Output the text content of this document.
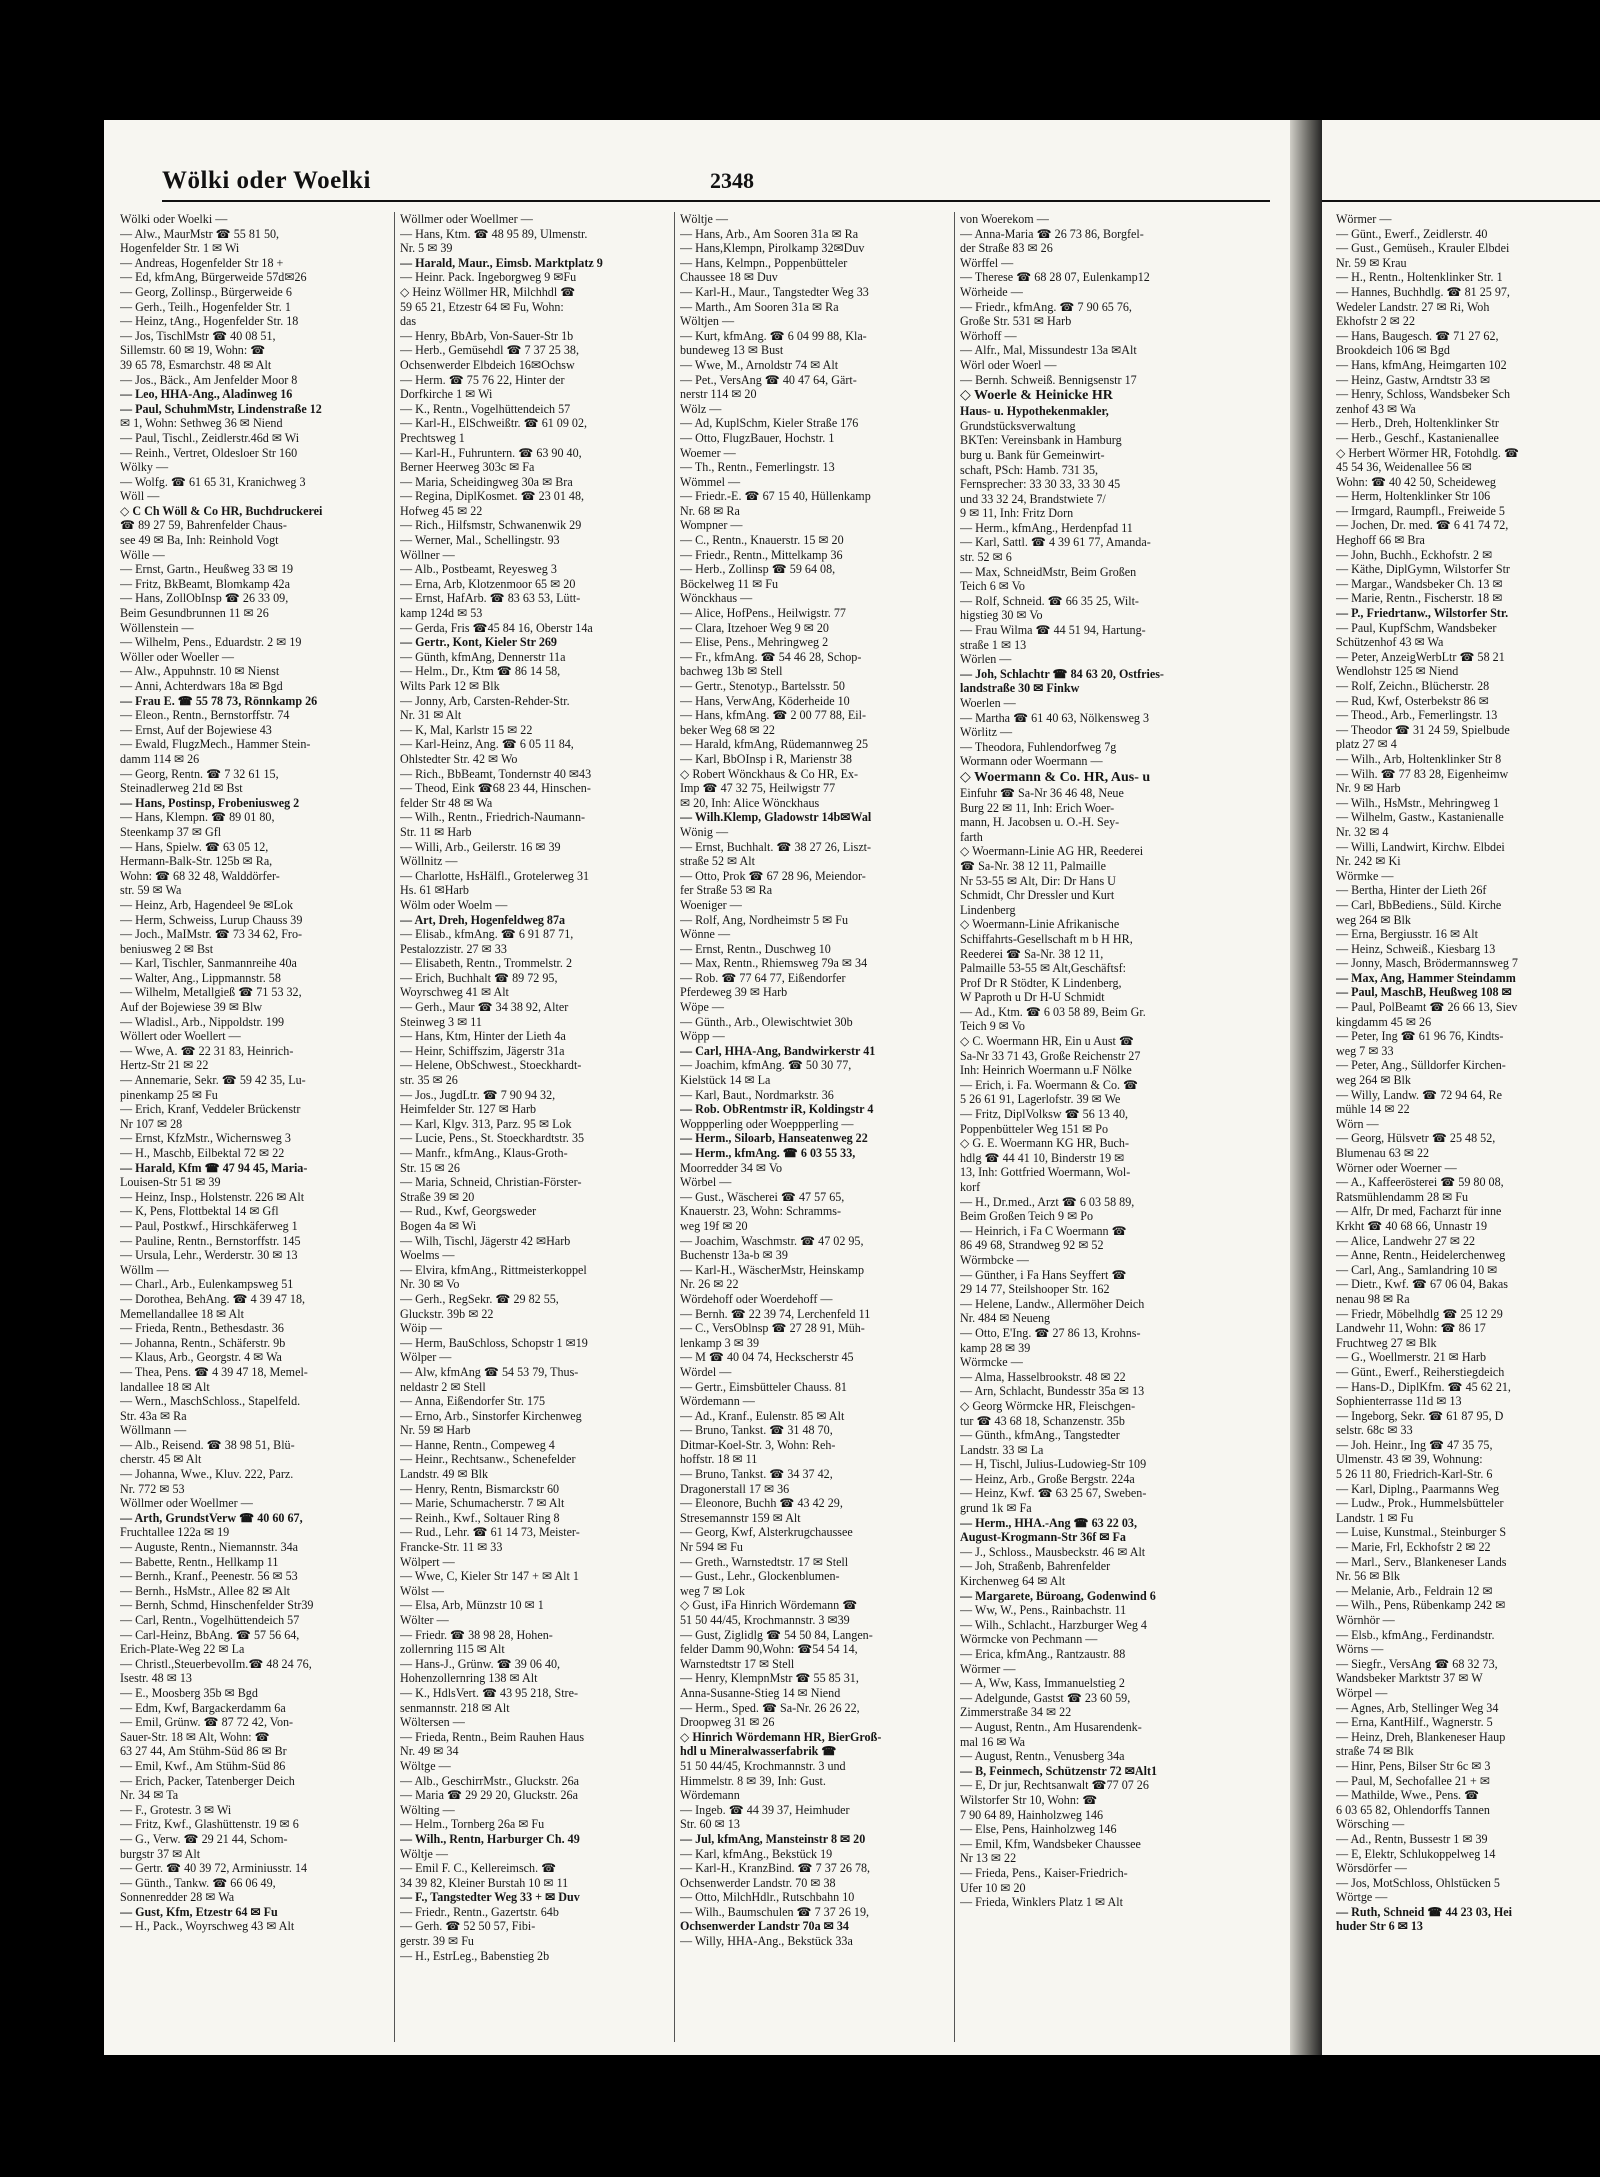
Wölki oder Woelki	2348
Wölki oder Woelki —
— Alw., MaurMstr ☎ 55 81 50,
Hogenfelder Str. 1 ✉ Wi
— Andreas, Hogenfelder Str 18 +
— Ed, kfmAng, Bürgerweide 57d✉26
— Georg, Zollinsp., Bürgerweide 6
— Gerh., Teilh., Hogenfelder Str. 1
— Heinz, tAng., Hogenfelder Str. 18
— Jos, TischlMstr ☎ 40 08 51,
Sillemstr. 60 ✉ 19, Wohn: ☎
39 65 78, Esmarchstr. 48 ✉ Alt
— Jos., Bäck., Am Jenfelder Moor 8
— Leo, HHA-Ang., Aladinweg 16
— Paul, SchuhmMstr, Lindenstraße 12
✉ 1, Wohn: Sethweg 36 ✉ Niend
— Paul, Tischl., Zeidlerstr.46d ✉ Wi
— Reinh., Vertret, Oldesloer Str 160
Wölky —
— Wolfg. ☎ 61 65 31, Kranichweg 3
Wöll —
◇ C Ch Wöll & Co HR, Buchdruckerei
☎ 89 27 59, Bahrenfelder Chaus-
see 49 ✉ Ba, Inh: Reinhold Vogt
Wölle —
— Ernst, Gartn., Heußweg 33 ✉ 19
— Fritz, BkBeamt, Blomkamp 42a
— Hans, ZollObInsp ☎ 26 33 09,
Beim Gesundbrunnen 11 ✉ 26
Wöllenstein —
— Wilhelm, Pens., Eduardstr. 2 ✉ 19
Wöller oder Woeller —
— Alw., Appuhnstr. 10 ✉ Nienst
— Anni, Achterdwars 18a ✉ Bgd
— Frau E. ☎ 55 78 73, Rönnkamp 26
— Eleon., Rentn., Bernstorffstr. 74
— Ernst, Auf der Bojewiese 43
— Ewald, FlugzMech., Hammer Stein-
damm 114 ✉ 26
— Georg, Rentn. ☎ 7 32 61 15,
Steinadlerweg 21d ✉ Bst
— Hans, Postinsp, Frobeniusweg 2
— Hans, Klempn. ☎ 89 01 80,
Steenkamp 37 ✉ Gfl
— Hans, Spielw. ☎ 63 05 12,
Hermann-Balk-Str. 125b ✉ Ra,
Wohn: ☎ 68 32 48, Walddörfer-
str. 59 ✉ Wa
— Heinz, Arb, Hagendeel 9e ✉Lok
— Herm, Schweiss, Lurup Chauss 39
— Joch., MaIMstr. ☎ 73 34 62, Fro-
beniusweg 2 ✉ Bst
— Karl, Tischler, Sanmannreihe 40a
— Walter, Ang., Lippmannstr. 58
— Wilhelm, Metallgieß ☎ 71 53 32,
Auf der Bojewiese 39 ✉ Blw
— Wladisl., Arb., Nippoldstr. 199
Wöllert oder Woellert —
— Wwe, A. ☎ 22 31 83, Heinrich-
Hertz-Str 21 ✉ 22
— Annemarie, Sekr. ☎ 59 42 35, Lu-
pinenkamp 25 ✉ Fu
— Erich, Kranf, Veddeler Brückenstr
Nr 107 ✉ 28
— Ernst, KfzMstr., Wichernsweg 3
— H., Maschb, Eilbektal 72 ✉ 22
— Harald, Kfm ☎ 47 94 45, Maria-
Louisen-Str 51 ✉ 39
— Heinz, Insp., Holstenstr. 226 ✉ Alt
— K, Pens, Flottbektal 14 ✉ Gfl
— Paul, Postkwf., Hirschkäferweg 1
— Pauline, Rentn., Bernstorffstr. 145
— Ursula, Lehr., Werderstr. 30 ✉ 13
Wöllm —
— Charl., Arb., Eulenkampsweg 51
— Dorothea, BehAng. ☎ 4 39 47 18,
Memellandallee 18 ✉ Alt
— Frieda, Rentn., Bethesdastr. 36
— Johanna, Rentn., Schäferstr. 9b
— Klaus, Arb., Georgstr. 4 ✉ Wa
— Thea, Pens. ☎ 4 39 47 18, Memel-
landallee 18 ✉ Alt
— Wern., MaschSchloss., Stapelfeld.
Str. 43a ✉ Ra
Wöllmann —
— Alb., Reisend. ☎ 38 98 51, Blü-
cherstr. 45 ✉ Alt
— Johanna, Wwe., Kluv. 222, Parz.
Nr. 772 ✉ 53
Wöllmer oder Woellmer —
— Arth, GrundstVerw ☎ 40 60 67,
Fruchtallee 122a ✉ 19
— Auguste, Rentn., Niemannstr. 34a
— Babette, Rentn., Hellkamp 11
— Bernh., Kranf., Peenestr. 56 ✉ 53
— Bernh., HsMstr., Allee 82 ✉ Alt
— Bernh, Schmd, Hinschenfelder Str39
— Carl, Rentn., Vogelhüttendeich 57
— Carl-Heinz, BbAng. ☎ 57 56 64,
Erich-Plate-Weg 22 ✉ La
— Christl.,SteuerbevolIm.☎ 48 24 76,
Isestr. 48 ✉ 13
— E., Moosberg 35b ✉ Bgd
— Edm, Kwf, Bargackerdamm 6a
— Emil, Grünw. ☎ 87 72 42, Von-
Sauer-Str. 18 ✉ Alt, Wohn: ☎
63 27 44, Am Stühm-Süd 86 ✉ Br
— Emil, Kwf., Am Stühm-Süd 86
— Erich, Packer, Tatenberger Deich
Nr. 34 ✉ Ta
— F., Grotestr. 3 ✉ Wi
— Fritz, Kwf., Glashüttenstr. 19 ✉ 6
— G., Verw. ☎ 29 21 44, Schom-
burgstr 37 ✉ Alt
— Gertr. ☎ 40 39 72, Arminiusstr. 14
— Günth., Tankw. ☎ 66 06 49,
Sonnenredder 28 ✉ Wa
— Gust, Kfm, Etzestr 64 ✉ Fu
— H., Pack., Woyrschweg 43 ✉ Alt
Wöllmer oder Woellmer —
— Hans, Ktm. ☎ 48 95 89, Ulmenstr.
Nr. 5 ✉ 39
— Harald, Maur., Eimsb. Marktplatz 9
— Heinr. Pack. Ingeborgweg 9 ✉Fu
◇ Heinz Wöllmer HR, Milchhdl ☎
59 65 21, Etzestr 64 ✉ Fu, Wohn:
das
— Henry, BbArb, Von-Sauer-Str 1b
— Herb., Gemüsehdl ☎ 7 37 25 38,
Ochsenwerder Elbdeich 16✉Ochsw
— Herm. ☎ 75 76 22, Hinter der
Dorfkirche 1 ✉ Wi
— K., Rentn., Vogelhüttendeich 57
— Karl-H., ElSchweißtr. ☎ 61 09 02,
Prechtsweg 1
— Karl-H., Fuhruntern. ☎ 63 90 40,
Berner Heerweg 303c ✉ Fa
— Maria, Scheidingweg 30a ✉ Bra
— Regina, DiplKosmet. ☎ 23 01 48,
Hofweg 45 ✉ 22
— Rich., Hilfsmstr, Schwanenwik 29
— Werner, Mal., Schellingstr. 93
Wöllner —
— Alb., Postbeamt, Reyesweg 3
— Erna, Arb, Klotzenmoor 65 ✉ 20
— Ernst, HafArb. ☎ 83 63 53, Lütt-
kamp 124d ✉ 53
— Gerda, Fris ☎45 84 16, Oberstr 14a
— Gertr., Kont, Kieler Str 269
— Günth, kfmAng, Dennerstr 11a
— Helm., Dr., Ktm ☎ 86 14 58,
Wilts Park 12 ✉ Blk
— Jonny, Arb, Carsten-Rehder-Str.
Nr. 31 ✉ Alt
— K, Mal, Karlstr 15 ✉ 22
— Karl-Heinz, Ang. ☎ 6 05 11 84,
Ohlstedter Str. 42 ✉ Wo
— Rich., BbBeamt, Tondernstr 40 ✉43
— Theod, Eink ☎68 23 44, Hinschen-
felder Str 48 ✉ Wa
— Wilh., Rentn., Friedrich-Naumann-
Str. 11 ✉ Harb
— Willi, Arb., Geilerstr. 16 ✉ 39
Wöllnitz —
— Charlotte, HsHälfl., Grotelerweg 31
Hs. 61 ✉Harb
Wölm oder Woelm —
— Art, Dreh, Hogenfeldweg 87a
— Elisab., kfmAng. ☎ 6 91 87 71,
Pestalozzistr. 27 ✉ 33
— Elisabeth, Rentn., Trommelstr. 2
— Erich, Buchhalt ☎ 89 72 95,
Woyrschweg 41 ✉ Alt
— Gerh., Maur ☎ 34 38 92, Alter
Steinweg 3 ✉ 11
— Hans, Ktm, Hinter der Lieth 4a
— Heinr, Schiffszim, Jägerstr 31a
— Helene, ObSchwest., Stoeckhardt-
str. 35 ✉ 26
— Jos., JugdLtr. ☎ 7 90 94 32,
Heimfelder Str. 127 ✉ Harb
— Karl, Klgv. 313, Parz. 95 ✉ Lok
— Lucie, Pens., St. Stoeckhardtstr. 35
— Manfr., kfmAng., Klaus-Groth-
Str. 15 ✉ 26
— Maria, Schneid, Christian-Förster-
Straße 39 ✉ 20
— Rud., Kwf, Georgsweder
Bogen 4a ✉ Wi
— Wilh, Tischl, Jägerstr 42 ✉Harb
Woelms —
— Elvira, kfmAng., Rittmeisterkoppel
Nr. 30 ✉ Vo
— Gerh., RegSekr. ☎ 29 82 55,
Gluckstr. 39b ✉ 22
Wöip —
— Herm, BauSchloss, Schopstr 1 ✉19
Wölper —
— Alw, kfmAng ☎ 54 53 79, Thus-
neldastr 2 ✉ Stell
— Anna, Eißendorfer Str. 175
— Erno, Arb., Sinstorfer Kirchenweg
Nr. 59 ✉ Harb
— Hanne, Rentn., Compeweg 4
— Heinr., Rechtsanw., Schenefelder
Landstr. 49 ✉ Blk
— Henry, Rentn, Bismarckstr 60
— Marie, Schumacherstr. 7 ✉ Alt
— Reinh., Kwf., Soltauer Ring 8
— Rud., Lehr. ☎ 61 14 73, Meister-
Francke-Str. 11 ✉ 33
Wölpert —
— Wwe, C, Kieler Str 147 + ✉ Alt 1
Wölst —
— Elsa, Arb, Münzstr 10 ✉ 1
Wölter —
— Friedr. ☎ 38 98 28, Hohen-
zollernring 115 ✉ Alt
— Hans-J., Grünw. ☎ 39 06 40,
Hohenzollernring 138 ✉ Alt
— K., HdlsVert. ☎ 43 95 218, Stre-
senmannstr. 218 ✉ Alt
Wöltersen —
— Frieda, Rentn., Beim Rauhen Haus
Nr. 49 ✉ 34
Wöltge —
— Alb., GeschirrMstr., Gluckstr. 26a
— Maria ☎ 29 29 20, Gluckstr. 26a
Wölting —
— Helm., Tornberg 26a ✉ Fu
— Wilh., Rentn, Harburger Ch. 49
Wöltje —
— Emil F. C., Kellereimsch. ☎
34 39 82, Kleiner Burstah 10 ✉ 11
— F., Tangstedter Weg 33 + ✉ Duv
— Friedr., Rentn., Gazertstr. 64b
— Gerh. ☎ 52 50 57, Fibi-
gerstr. 39 ✉ Fu
— H., EstrLeg., Babenstieg 2b
Wöltje —
— Hans, Arb., Am Sooren 31a ✉ Ra
— Hans,Klempn, Pirolkamp 32✉Duv
— Hans, Kelmpn., Poppenbütteler
Chaussee 18 ✉ Duv
— Karl-H., Maur., Tangstedter Weg 33
— Marth., Am Sooren 31a ✉ Ra
Wöltjen —
— Kurt, kfmAng. ☎ 6 04 99 88, Kla-
bundeweg 13 ✉ Bust
— Wwe, M., Arnoldstr 74 ✉ Alt
— Pet., VersAng ☎ 40 47 64, Gärt-
nerstr 114 ✉ 20
Wölz —
— Ad, KuplSchm, Kieler Straße 176
— Otto, FlugzBauer, Hochstr. 1
Woemer —
— Th., Rentn., Femerlingstr. 13
Wömmel —
— Friedr.-E. ☎ 67 15 40, Hüllenkamp
Nr. 68 ✉ Ra
Wompner —
— C., Rentn., Knauerstr. 15 ✉ 20
— Friedr., Rentn., Mittelkamp 36
— Herb., Zollinsp ☎ 59 64 08,
Böckelweg 11 ✉ Fu
Wönckhaus —
— Alice, HofPens., Heilwigstr. 77
— Clara, Itzehoer Weg 9 ✉ 20
— Elise, Pens., Mehringweg 2
— Fr., kfmAng. ☎ 54 46 28, Schop-
bachweg 13b ✉ Stell
— Gertr., Stenotyp., Bartelsstr. 50
— Hans, VerwAng, Köderheide 10
— Hans, kfmAng. ☎ 2 00 77 88, Eil-
beker Weg 68 ✉ 22
— Harald, kfmAng, Rüdemannweg 25
— Karl, BbOInsp i R, Marienstr 38
◇ Robert Wönckhaus & Co HR, Ex-
Imp ☎ 47 32 75, Heilwigstr 77
✉ 20, Inh: Alice Wönckhaus
— Wilh.Klemp, Gladowstr 14b✉Wal
Wönig —
— Ernst, Buchhalt. ☎ 38 27 26, Liszt-
straße 52 ✉ Alt
— Otto, Prok ☎ 67 28 96, Meiendor-
fer Straße 53 ✉ Ra
Woeniger —
— Rolf, Ang, Nordheimstr 5 ✉ Fu
Wönne —
— Ernst, Rentn., Duschweg 10
— Max, Rentn., Rhiemsweg 79a ✉ 34
— Rob. ☎ 77 64 77, Eißendorfer
Pferdeweg 39 ✉ Harb
Wöpe —
— Günth., Arb., Olewischtwiet 30b
Wöpp —
— Carl, HHA-Ang, Bandwirkerstr 41
— Joachim, kfmAng. ☎ 50 30 77,
Kielstück 14 ✉ La
— Karl, Baut., Nordmarkstr. 36
— Rob. ObRentmstr iR, Koldingstr 4
Woppperling oder Woeppperling —
— Herm., Siloarb, Hanseatenweg 22
— Herm., kfmAng. ☎ 6 03 55 33,
Moorredder 34 ✉ Vo
Wörbel —
— Gust., Wäscherei ☎ 47 57 65,
Knauerstr. 23, Wohn: Schramms-
weg 19f ✉ 20
— Joachim, Waschmstr. ☎ 47 02 95,
Buchenstr 13a-b ✉ 39
— Karl-H., WäscherMstr, Heinskamp
Nr. 26 ✉ 22
Wördehoff oder Woerdehoff —
— Bernh. ☎ 22 39 74, Lerchenfeld 11
— C., VersOblnsp ☎ 27 28 91, Müh-
lenkamp 3 ✉ 39
— M ☎ 40 04 74, Heckscherstr 45
Wördel —
— Gertr., Eimsbütteler Chauss. 81
Wördemann —
— Ad., Kranf., Eulenstr. 85 ✉ Alt
— Bruno, Tankst. ☎ 31 48 70,
Ditmar-Koel-Str. 3, Wohn: Reh-
hoffstr. 18 ✉ 11
— Bruno, Tankst. ☎ 34 37 42,
Dragonerstall 17 ✉ 36
— Eleonore, Buchh ☎ 43 42 29,
Stresemannstr 159 ✉ Alt
— Georg, Kwf, Alsterkrugchaussee
Nr 594 ✉ Fu
— Greth., Warnstedtstr. 17 ✉ Stell
— Gust., Lehr., Glockenblumen-
weg 7 ✉ Lok
◇ Gust, iFa Hinrich Wördemann ☎
51 50 44/45, Krochmannstr. 3 ✉39
— Gust, Ziglidlg ☎ 54 50 84, Langen-
felder Damm 90,Wohn: ☎54 54 14,
Warnstedtstr 17 ✉ Stell
— Henry, KlempnMstr ☎ 55 85 31,
Anna-Susanne-Stieg 14 ✉ Niend
— Herm., Sped. ☎ Sa-Nr. 26 26 22,
Droopweg 31 ✉ 26
◇ Hinrich Wördemann HR, BierGroß-
hdl u Mineralwasserfabrik ☎
51 50 44/45, Krochmannstr. 3 und
Himmelstr. 8 ✉ 39, Inh: Gust.
Wördemann
— Ingeb. ☎ 44 39 37, Heimhuder
Str. 60 ✉ 13
— Jul, kfmAng, Mansteinstr 8 ✉ 20
— Karl, kfmAng., Bekstück 19
— Karl-H., KranzBind. ☎ 7 37 26 78,
Ochsenwerder Landstr. 70 ✉ 38
— Otto, MilchHdlr., Rutschbahn 10
— Wilh., Baumschulen ☎ 7 37 26 19,
Ochsenwerder Landstr 70a ✉ 34
— Willy, HHA-Ang., Bekstück 33a
von Woerekom —
— Anna-Maria ☎ 26 73 86, Borgfel-
der Straße 83 ✉ 26
Wörffel —
— Therese ☎ 68 28 07, Eulenkamp12
Wörheide —
— Friedr., kfmAng. ☎ 7 90 65 76,
Große Str. 531 ✉ Harb
Wörhoff —
— Alfr., Mal, Missundestr 13a ✉Alt
Wörl oder Woerl —
— Bernh. Schweiß. Bennigsenstr 17
◇ Woerle & Heinicke HR
Haus- u. Hypothekenmakler,
Grundstücksverwaltung
BKTen: Vereinsbank in Hamburg
burg u. Bank für Gemeinwirt-
schaft, PSch: Hamb. 731 35,
Fernsprecher: 33 30 33, 33 30 45
und 33 32 24, Brandstwiete 7/
9 ✉ 11, Inh: Fritz Dorn
— Herm., kfmAng., Herdenpfad 11
— Karl, Sattl. ☎ 4 39 61 77, Amanda-
str. 52 ✉ 6
— Max, SchneidMstr, Beim Großen
Teich 6 ✉ Vo
— Rolf, Schneid. ☎ 66 35 25, Wilt-
higstieg 30 ✉ Vo
— Frau Wilma ☎ 44 51 94, Hartung-
straße 1 ✉ 13
Wörlen —
— Joh, Schlachtr ☎ 84 63 20, Ostfries-
landstraße 30 ✉ Finkw
Woerlen —
— Martha ☎ 61 40 63, Nölkensweg 3
Wörlitz —
— Theodora, Fuhlendorfweg 7g
Wormann oder Woermann —
◇ Woermann & Co. HR, Aus- u
Einfuhr ☎ Sa-Nr 36 46 48, Neue
Burg 22 ✉ 11, Inh: Erich Woer-
mann, H. Jacobsen u. O.-H. Sey-
farth
◇ Woermann-Linie AG HR, Reederei
☎ Sa-Nr. 38 12 11, Palmaille
Nr 53-55 ✉ Alt, Dir: Dr Hans U
Schmidt, Chr Dressler und Kurt
Lindenberg
◇ Woermann-Linie Afrikanische
Schiffahrts-Gesellschaft m b H HR,
Reederei ☎ Sa-Nr. 38 12 11,
Palmaille 53-55 ✉ Alt,Geschäftsf:
Prof Dr R Stödter, K Lindenberg,
W Paproth u Dr H-U Schmidt
— Ad., Ktm. ☎ 6 03 58 89, Beim Gr.
Teich 9 ✉ Vo
◇ C. Woermann HR, Ein u Aust ☎
Sa-Nr 33 71 43, Große Reichenstr 27
Inh: Heinrich Woermann u.F Nölke
— Erich, i. Fa. Woermann & Co. ☎
5 26 61 91, Lagerlofstr. 39 ✉ We
— Fritz, DiplVolksw ☎ 56 13 40,
Poppenbütteler Weg 151 ✉ Po
◇ G. E. Woermann KG HR, Buch-
hdlg ☎ 44 41 10, Binderstr 19 ✉
13, Inh: Gottfried Woermann, Wol-
korf
— H., Dr.med., Arzt ☎ 6 03 58 89,
Beim Großen Teich 9 ✉ Po
— Heinrich, i Fa C Woermann ☎
86 49 68, Strandweg 92 ✉ 52
Wörmbcke —
— Günther, i Fa Hans Seyffert ☎
29 14 77, Steilshooper Str. 162
— Helene, Landw., Allermöher Deich
Nr. 484 ✉ Neueng
— Otto, E'Ing. ☎ 27 86 13, Krohns-
kamp 28 ✉ 39
Wörmcke —
— Alma, Hasselbrookstr. 48 ✉ 22
— Arn, Schlacht, Bundesstr 35a ✉ 13
◇ Georg Wörmcke HR, Fleischgen-
tur ☎ 43 68 18, Schanzenstr. 35b
— Günth., kfmAng., Tangstedter
Landstr. 33 ✉ La
— H, Tischl, Julius-Ludowieg-Str 109
— Heinz, Arb., Große Bergstr. 224a
— Heinz, Kwf. ☎ 63 25 67, Sweben-
grund 1k ✉ Fa
— Herm., HHA.-Ang ☎ 63 22 03,
August-Krogmann-Str 36f ✉ Fa
— J., Schloss., Mausbeckstr. 46 ✉ Alt
— Joh, Straßenb, Bahrenfelder
Kirchenweg 64 ✉ Alt
— Margarete, Büroang, Godenwind 6
— Ww, W., Pens., Rainbachstr. 11
— Wilh., Schlacht., Harzburger Weg 4
Wörmcke von Pechmann —
— Erica, kfmAng., Rantzaustr. 88
Wörmer —
— A, Ww, Kass, Immanuelstieg 2
— Adelgunde, Gastst ☎ 23 60 59,
Zimmerstraße 34 ✉ 22
— August, Rentn., Am Husarendenk-
mal 16 ✉ Wa
— August, Rentn., Venusberg 34a
— B, Feinmech, Schützenstr 72 ✉Alt1
— E, Dr jur, Rechtsanwalt ☎77 07 26
Wilstorfer Str 10, Wohn: ☎
7 90 64 89, Hainholzweg 146
— Else, Pens, Hainholzweg 146
— Emil, Kfm, Wandsbeker Chaussee
Nr 13 ✉ 22
— Frieda, Pens., Kaiser-Friedrich-
Ufer 10 ✉ 20
— Frieda, Winklers Platz 1 ✉ Alt
Wörmer —
— Günt., Ewerf., Zeidlerstr. 40
— Gust., Gemüseh., Krauler Elbdei
Nr. 59 ✉ Krau
— H., Rentn., Holtenklinker Str. 1
— Hannes, Buchhdlg. ☎ 81 25 97,
Wedeler Landstr. 27 ✉ Ri, Woh
Ekhofstr 2 ✉ 22
— Hans, Baugesch. ☎ 71 27 62,
Brookdeich 106 ✉ Bgd
— Hans, kfmAng, Heimgarten 102
— Heinz, Gastw, Arndtstr 33 ✉
— Henry, Schloss, Wandsbeker Sch
zenhof 43 ✉ Wa
— Herb., Dreh, Holtenklinker Str
— Herb., Geschf., Kastanienallee
◇ Herbert Wörmer HR, Fotohdlg. ☎
45 54 36, Weidenallee 56 ✉
Wohn: ☎ 40 42 50, Scheideweg
— Herm, Holtenklinker Str 106
— Irmgard, Raumpfl., Freiweide 5
— Jochen, Dr. med. ☎ 6 41 74 72,
Heghoff 66 ✉ Bra
— John, Buchh., Eckhofstr. 2 ✉
— Käthe, DiplGymn, Wilstorfer Str
— Margar., Wandsbeker Ch. 13 ✉
— Marie, Rentn., Fischerstr. 18 ✉
— P., Friedrtanw., Wilstorfer Str.
— Paul, KupfSchm, Wandsbeker
Schützenhof 43 ✉ Wa
— Peter, AnzeigWerbLtr ☎ 58 21
Wendlohstr 125 ✉ Niend
— Rolf, Zeichn., Blücherstr. 28
— Rud, Kwf, Osterbekstr 86 ✉
— Theod., Arb., Femerlingstr. 13
— Theodor ☎ 31 24 59, Spielbude
platz 27 ✉ 4
— Wilh., Arb, Holtenklinker Str 8
— Wilh. ☎ 77 83 28, Eigenheimw
Nr. 9 ✉ Harb
— Wilh., HsMstr., Mehringweg 1
— Wilhelm, Gastw., Kastanienalle
Nr. 32 ✉ 4
— Willi, Landwirt, Kirchw. Elbdei
Nr. 242 ✉ Ki
Wörmke —
— Bertha, Hinter der Lieth 26f
— Carl, BbBediens., Süld. Kirche
weg 264 ✉ Blk
— Erna, Bergiusstr. 16 ✉ Alt
— Heinz, Schweiß., Kiesbarg 13
— Jonny, Masch, Brödermannsweg 7
— Max, Ang, Hammer Steindamm
— Paul, MaschB, Heußweg 108 ✉
— Paul, PolBeamt ☎ 26 66 13, Siev
kingdamm 45 ✉ 26
— Peter, Ing ☎ 61 96 76, Kindts-
weg 7 ✉ 33
— Peter, Ang., Sülldorfer Kirchen-
weg 264 ✉ Blk
— Willy, Landw. ☎ 72 94 64, Re
mühle 14 ✉ 22
Wörn —
— Georg, Hülsvetr ☎ 25 48 52,
Blumenau 63 ✉ 22
Wörner oder Woerner —
— A., Kaffeerösterei ☎ 59 80 08,
Ratsmühlendamm 28 ✉ Fu
— Alfr, Dr med, Facharzt für inne
Krkht ☎ 40 68 66, Unnastr 19
— Alice, Landwehr 27 ✉ 22
— Anne, Rentn., Heidelerchenweg
— Carl, Ang., Samlandring 10 ✉
— Dietr., Kwf. ☎ 67 06 04, Bakas
nenau 98 ✉ Ra
— Friedr, Möbelhdlg ☎ 25 12 29
Landwehr 11, Wohn: ☎ 86 17
Fruchtweg 27 ✉ Blk
— G., Woellmerstr. 21 ✉ Harb
— Günt., Ewerf., Reiherstiegdeich
— Hans-D., DiplKfm. ☎ 45 62 21,
Sophienterrasse 11d ✉ 13
— Ingeborg, Sekr. ☎ 61 87 95, D
selstr. 68c ✉ 33
— Joh. Heinr., Ing ☎ 47 35 75,
Ulmenstr. 43 ✉ 39, Wohnung:
5 26 11 80, Friedrich-Karl-Str. 6
— Karl, Diplng., Paarmanns Weg
— Ludw., Prok., Hummelsbütteler
Landstr. 1 ✉ Fu
— Luise, Kunstmal., Steinburger S
— Marie, Frl, Eckhofstr 2 ✉ 22
— Marl., Serv., Blankeneser Lands
Nr. 56 ✉ Blk
— Melanie, Arb., Feldrain 12 ✉
— Wilh., Pens, Rübenkamp 242 ✉
Wörnhör —
— Elsb., kfmAng., Ferdinandstr.
Wörns —
— Siegfr., VersAng ☎ 68 32 73,
Wandsbeker Marktstr 37 ✉ W
Wörpel —
— Agnes, Arb, Stellinger Weg 34
— Erna, KantHilf., Wagnerstr. 5
— Heinz, Dreh, Blankeneser Haup
straße 74 ✉ Blk
— Hinr, Pens, Bilser Str 6c ✉ 3
— Paul, M, Sechofallee 21 + ✉
— Mathilde, Wwe., Pens. ☎
6 03 65 82, Ohlendorffs Tannen
Wörsching —
— Ad., Rentn, Bussestr 1 ✉ 39
— E, Elektr, Schlukoppelweg 14
Wörsdörfer —
— Jos, MotSchloss, Ohlstücken 5
Wörtge —
— Ruth, Schneid ☎ 44 23 03, Hei
huder Str 6 ✉ 13
